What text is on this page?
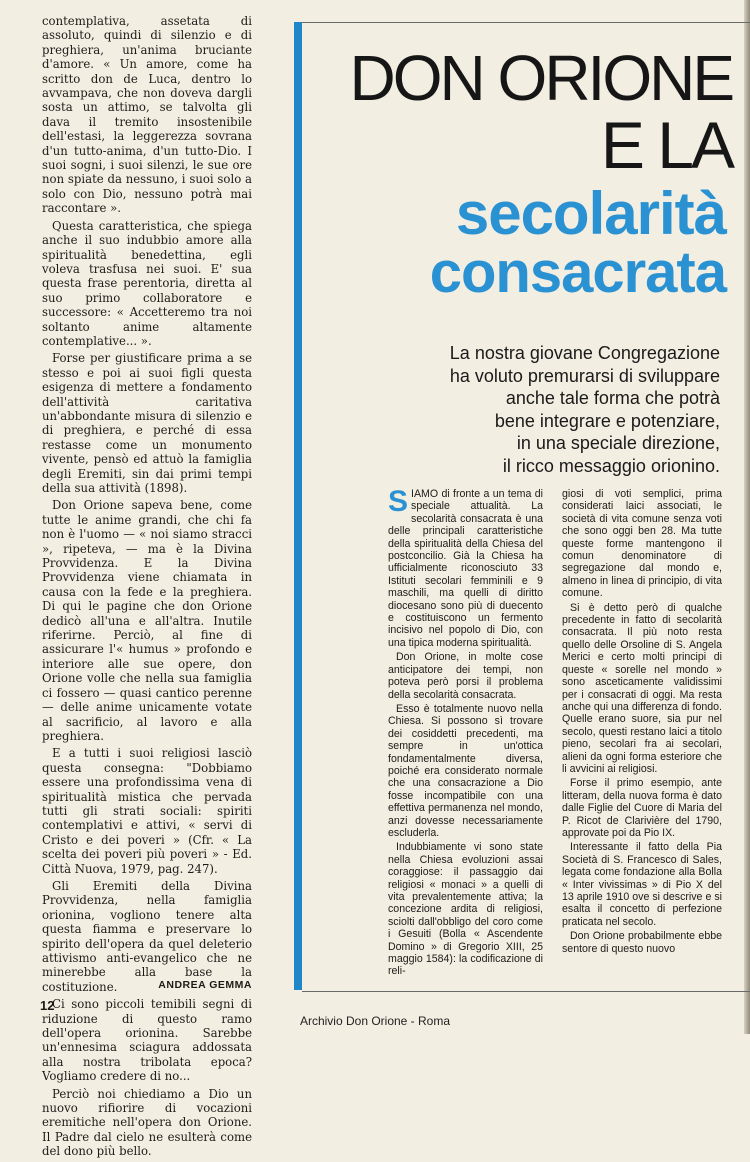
contemplativa, assetata di assoluto, quindi di silenzio e di preghiera, un'anima bruciante d'amore. « Un amore, come ha scritto don de Luca, dentro lo avvampava, che non doveva dargli sosta un attimo, se talvolta gli dava il tremito insostenibile dell'estasi, la leggerezza sovrana d'un tutto-anima, d'un tutto-Dio. I suoi sogni, i suoi silenzi, le sue ore non spiate da nessuno, i suoi solo a solo con Dio, nessuno potrà mai raccontare ».

Questa caratteristica, che spiega anche il suo indubbio amore alla spiritualità benedettina, egli voleva trasfusa nei suoi. E' sua questa frase perentoria, diretta al suo primo collaboratore e successore: « Accetteremo tra noi soltanto anime altamente contemplative... ».

Forse per giustificare prima a se stesso e poi ai suoi figli questa esigenza di mettere a fondamento dell'attività caritativa un'abbondante misura di silenzio e di preghiera, e perché di essa restasse come un monumento vivente, pensò ed attuò la famiglia degli Eremiti, sin dai primi tempi della sua attività (1898).

Don Orione sapeva bene, come tutte le anime grandi, che chi fa non è l'uomo — « noi siamo stracci », ripeteva, — ma è la Divina Provvidenza. E la Divina Provvidenza viene chiamata in causa con la fede e la preghiera. Di qui le pagine che don Orione dedicò all'una e all'altra. Inutile riferirne. Perciò, al fine di assicurare l'« humus » profondo e interiore alle sue opere, don Orione volle che nella sua famiglia ci fossero — quasi cantico perenne — delle anime unicamente votate al sacrificio, al lavoro e alla preghiera.

E a tutti i suoi religiosi lasciò questa consegna: "Dobbiamo essere una profondissima vena di spiritualità mistica che pervada tutti gli strati sociali: spiriti contemplativi e attivi, « servi di Cristo e dei poveri » (Cfr. « La scelta dei poveri più poveri » - Ed. Città Nuova, 1979, pag. 247).

Gli Eremiti della Divina Provvidenza, nella famiglia orionina, vogliono tenere alta questa fiamma e preservare lo spirito dell'opera da quel deleterio attivismo anti-evangelico che ne minerebbe alla base la costituzione.

Ci sono piccoli temibili segni di riduzione di questo ramo dell'opera orionina. Sarebbe un'ennesima sciagura addossata alla nostra tribolata epoca? Vogliamo credere di no...

Perciò noi chiediamo a Dio un nuovo rifiorire di vocazioni eremitiche nell'opera don Orione. Il Padre dal cielo ne esulterà come del dono più bello.

ANDREA GEMMA
DON ORIONE
E LA
secolarità
consacrata
La nostra giovane Congregazione
ha voluto premurarsi di sviluppare
anche tale forma che potrà
bene integrare e potenziare,
in una speciale direzione,
il ricco messaggio orionino.

SIAMO di fronte a un tema di speciale attualità. La secolarità consacrata è una delle principali caratteristiche della spiritualità della Chiesa del postconcilio. Già la Chiesa ha ufficialmente riconosciuto 33 Istituti secolari femminili e 9 maschili, ma quelli di diritto diocesano sono più di duecento e costituiscono un fermento incisivo nel popolo di Dio, con una tipica moderna spiritualità.

Don Orione, in molte cose anticipatore dei tempi, non poteva però porsi il problema della secolarità consacrata.

Esso è totalmente nuovo nella Chiesa. Si possono sì trovare dei cosiddetti precedenti, ma sempre in un'ottica fondamentalmente diversa, poiché era considerato normale che una consacrazione a Dio fosse incompatibile con una effettiva permanenza nel mondo, anzi dovesse necessariamente escluderla.

Indubbiamente vi sono state nella Chiesa evoluzioni assai coraggiose: il passaggio dai religiosi « monaci » a quelli di vita prevalentemente attiva; la concezione ardita di religiosi, sciolti dall'obbligo del coro come i Gesuiti (Bolla « Ascendente Domino » di Gregorio XIII, 25 maggio 1584): la codificazione di reli-

giosi di voti semplici, prima considerati laici associati, le società di vita comune senza voti che sono oggi ben 28. Ma tutte queste forme mantengono il comun denominatore di segregazione dal mondo e, almeno in linea di principio, di vita comune.

Si è detto però di qualche precedente in fatto di secolarità consacrata. Il più noto resta quello delle Orsoline di S. Angela Merici e certo molti principi di queste « sorelle nel mondo » sono asceticamente validissimi per i consacrati di oggi. Ma resta anche qui una differenza di fondo. Quelle erano suore, sia pur nel secolo, questi restano laici a titolo pieno, secolari fra ai secolari, alieni da ogni forma esteriore che li avvicini ai religiosi.

Forse il primo esempio, ante litteram, della nuova forma è dato dalle Figlie del Cuore di Maria del P. Ricot de Clarivière del 1790, approvate poi da Pio IX.

Interessante il fatto della Pia Società di S. Francesco di Sales, legata come fondazione alla Bolla « Inter vivissimas » di Pio X del 13 aprile 1910 ove si descrive e si esalta il concetto di perfezione praticata nel secolo.

Don Orione probabilmente ebbe sentore di questo nuovo

12
Archivio Don Orione - Roma
